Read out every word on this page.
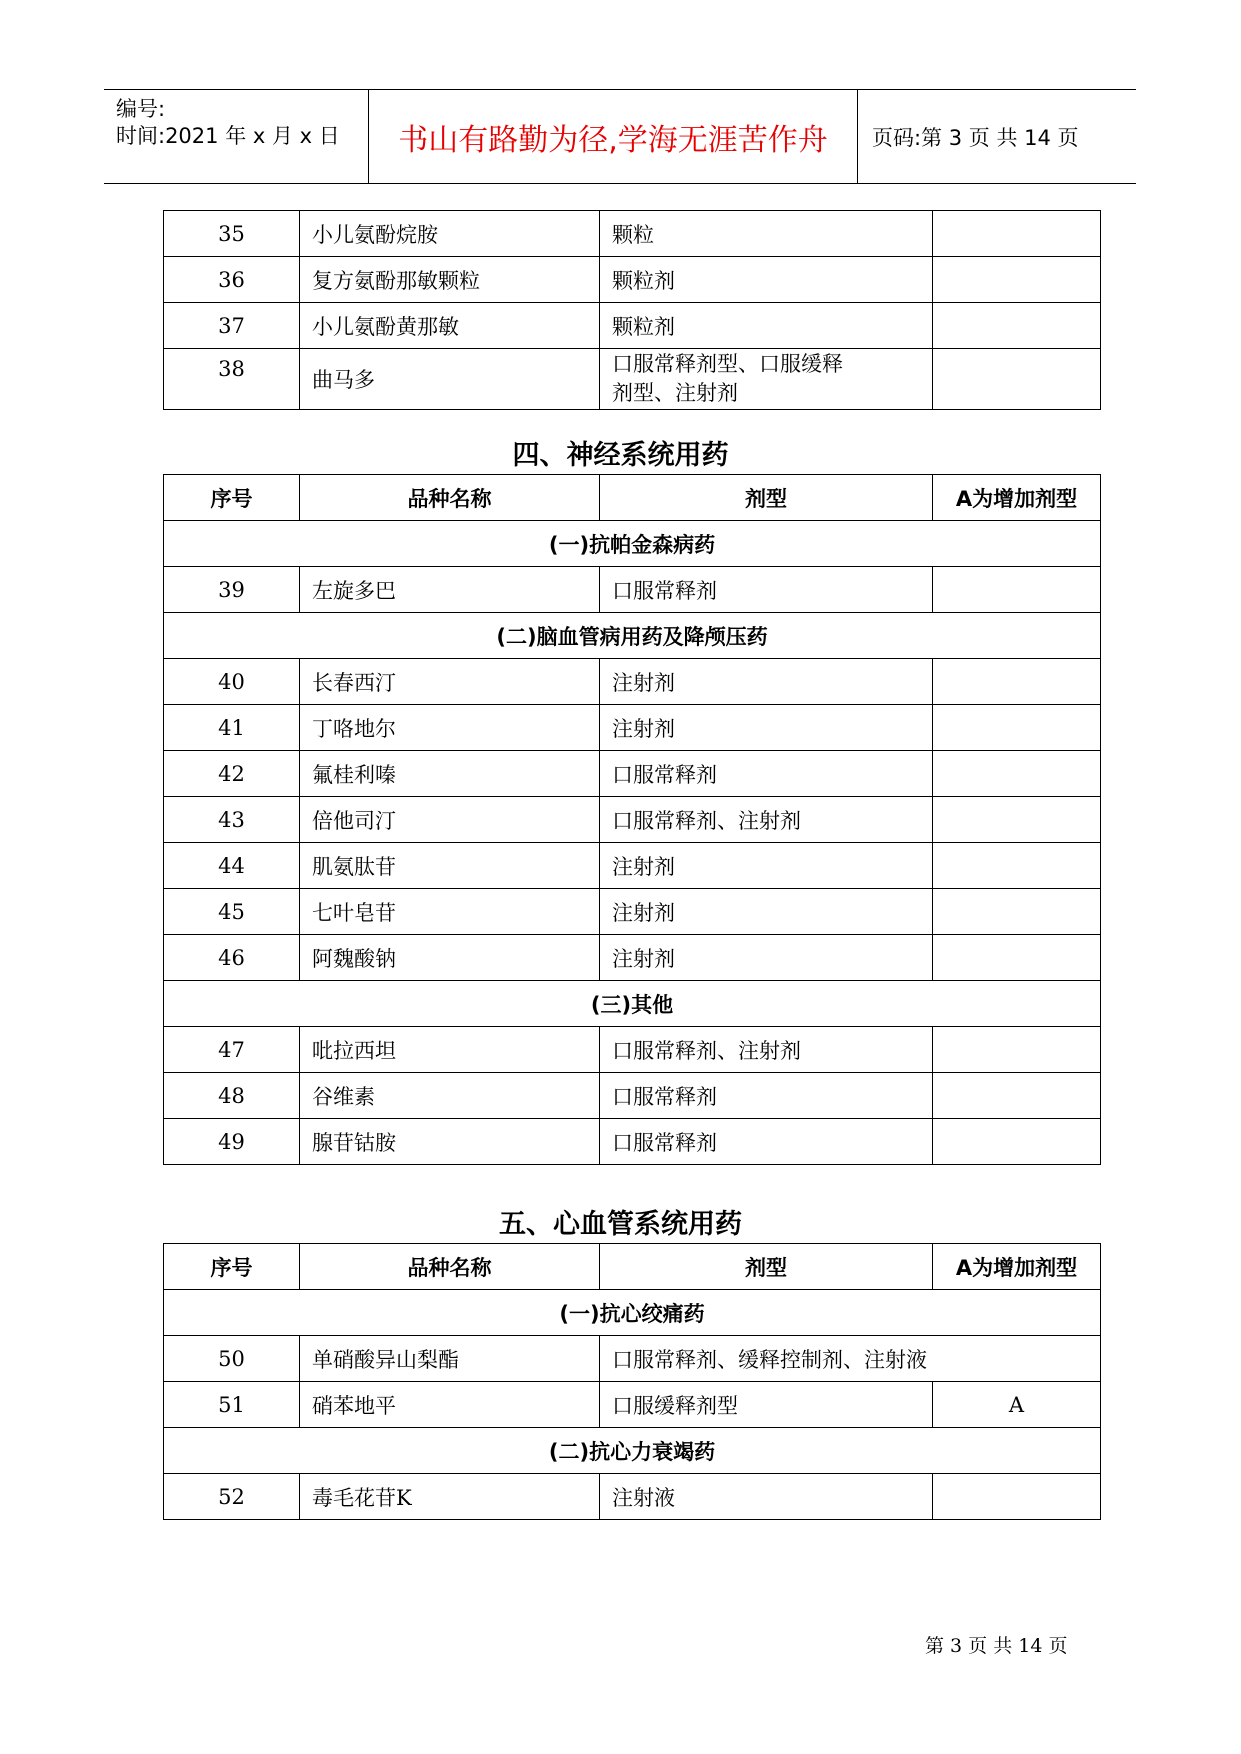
编号:
时间:2021 年 x 月 x 日	书山有路勤为径,学海无涯苦作舟	页码:第 3 页 共 14 页
35	小儿氨酚烷胺	颗粒	
36	复方氨酚那敏颗粒	颗粒剂	
37	小儿氨酚黄那敏	颗粒剂	
38	曲马多	口服常释剂型、口服缓释
剂型、注射剂	

四、神经系统用药
序号	品种名称	剂型	A为增加剂型
(一)抗帕金森病药			
39	左旋多巴	口服常释剂	
(二)脑血管病用药及降颅压药			
40	长春西汀	注射剂	
41	丁咯地尔	注射剂	
42	氟桂利嗪	口服常释剂	
43	倍他司汀	口服常释剂、注射剂	
44	肌氨肽苷	注射剂	
45	七叶皂苷	注射剂	
46	阿魏酸钠	注射剂	
(三)其他			
47	吡拉西坦	口服常释剂、注射剂	
48	谷维素	口服常释剂	
49	腺苷钴胺	口服常释剂	
五、心血管系统用药
序号	品种名称	剂型	A为增加剂型
(一)抗心绞痛药			
50	单硝酸异山梨酯	口服常释剂、缓释控制剂、注射液	
51	硝苯地平	口服缓释剂型	A
(二)抗心力衰竭药			
52	毒毛花苷K	注射液	
第 3 页 共 14 页
